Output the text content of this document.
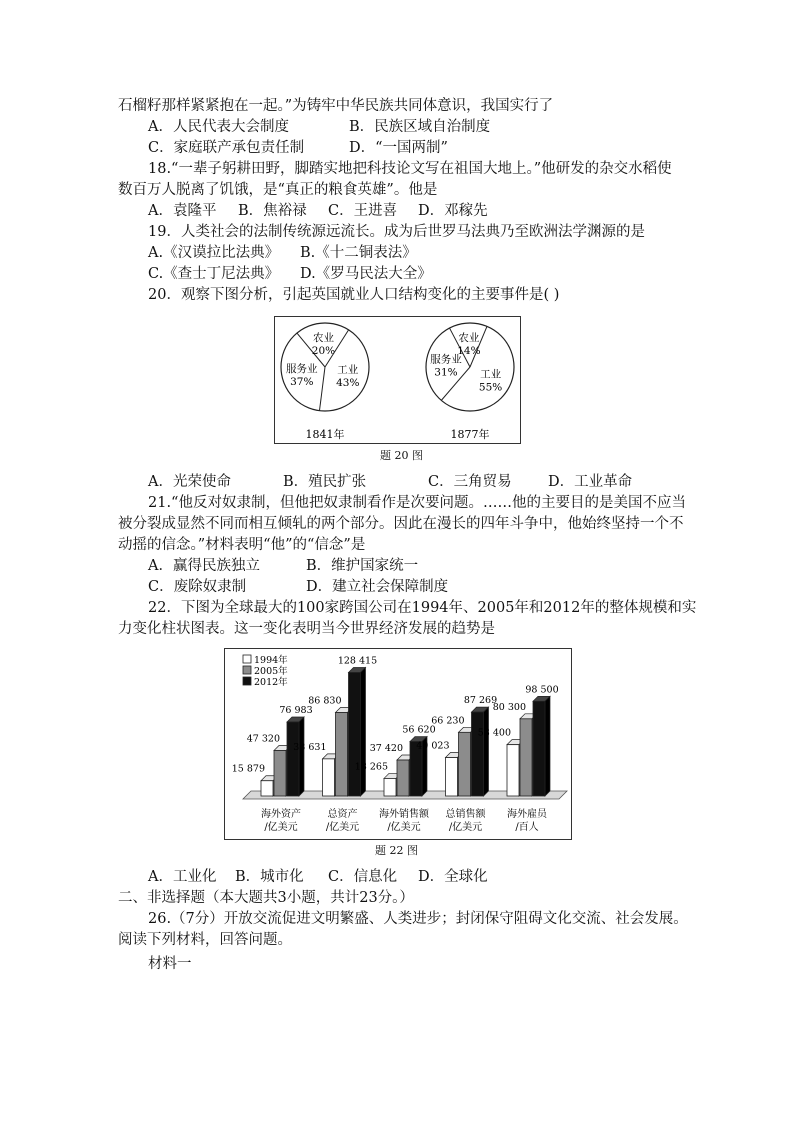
石榴籽那样紧紧抱在一起。”为铸牢中华民族共同体意识，我国实行了
A．人民代表大会制度	B．民族区域自治制度
C．家庭联产承包责任制	D．“一国两制”
18.“一辈子躬耕田野，脚踏实地把科技论文写在祖国大地上。”他研发的杂交水稻使
数百万人脱离了饥饿，是“真正的粮食英雄”。他是
A．袁隆平 B．焦裕禄 C．王进喜 D．邓稼先
19．人类社会的法制传统源远流长。成为后世罗马法典乃至欧洲法学渊源的是
A.《汉谟拉比法典》 B.《十二铜表法》
C.《查士丁尼法典》 D.《罗马民法大全》
20．观察下图分析，引起英国就业人口结构变化的主要事件是( )
农业
20%
工业
43%
服务业
37%
1841年
农业
14%
工业
55%
服务业
31%
1877年
题 20 图
A．光荣使命	B．殖民扩张	C．三角贸易	D．工业革命
21.“他反对奴隶制，但他把奴隶制看作是次要问题。……他的主要目的是美国不应当
被分裂成显然不同而相互倾轧的两个部分。因此在漫长的四年斗争中，他始终坚持一个不
动摇的信念。”材料表明“他”的“信念”是
A．赢得民族独立	B．维护国家统一
C．废除奴隶制	D．建立社会保障制度
22．下图为全球最大的100家跨国公司在1994年、2005年和2012年的整体规模和实
力变化柱状图表。这一变化表明当今世界经济发展的趋势是
15 879
47 320
76 983
海外资产
/亿美元
38 631
86 830
128 415
总资产
/亿美元
18 265
37 420
56 620
海外销售额
/亿美元
40 023
66 230
87 269
总销售额
/亿美元
53 400
80 300
98 500
海外雇员
/百人
1994年
2005年
2012年
题 22 图
A．工业化 B．城市化 C．信息化 D．全球化
二、非选择题（本大题共3小题，共计23分。）
26.（7分）开放交流促进文明繁盛、人类进步；封闭保守阻碍文化交流、社会发展。
阅读下列材料，回答问题。
材料一
